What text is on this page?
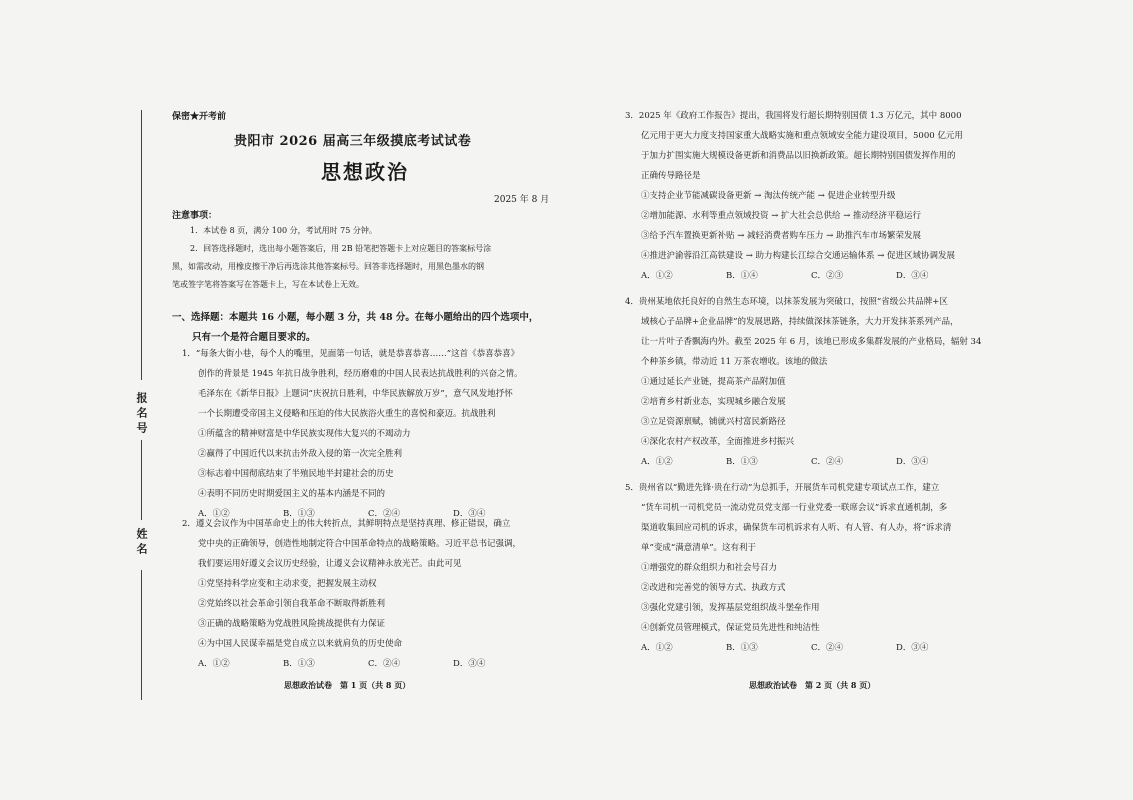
报名号
姓名
保密★开考前
贵阳市 2026 届高三年级摸底考试试卷
思想政治
2025 年 8 月
注意事项：
1．本试卷 8 页，满分 100 分，考试用时 75 分钟。
2．回答选择题时，选出每小题答案后，用 2B 铅笔把答题卡上对应题目的答案标号涂
黑，如需改动，用橡皮擦干净后再选涂其他答案标号。回答非选择题时，用黑色墨水的钢
笔或签字笔将答案写在答题卡上，写在本试卷上无效。
一、选择题：本题共 16 小题，每小题 3 分，共 48 分。在每小题给出的四个选项中，
只有一个是符合题目要求的。
1．“每条大街小巷，每个人的嘴里，见面第一句话，就是恭喜恭喜……”这首《恭喜恭喜》
创作的背景是 1945 年抗日战争胜利，经历磨难的中国人民表达抗战胜利的兴奋之情。
毛泽东在《新华日报》上题词“庆祝抗日胜利，中华民族解放万岁”，意气风发地抒怀
一个长期遭受帝国主义侵略和压迫的伟大民族浴火重生的喜悦和豪迈。抗战胜利
①所蕴含的精神财富是中华民族实现伟大复兴的不竭动力
②赢得了中国近代以来抗击外敌入侵的第一次完全胜利
③标志着中国彻底结束了半殖民地半封建社会的历史
④表明不同历史时期爱国主义的基本内涵是不同的
A．①②	B．①③	C．②④	D．③④
2．遵义会议作为中国革命史上的伟大转折点，其鲜明特点是坚持真理、修正错误，确立
党中央的正确领导，创造性地制定符合中国革命特点的战略策略。习近平总书记强调，
我们要运用好遵义会议历史经验，让遵义会议精神永放光芒。由此可见
①党坚持科学应变和主动求变，把握发展主动权
②党始终以社会革命引领自我革命不断取得新胜利
③正确的战略策略为党战胜风险挑战提供有力保证
④为中国人民谋幸福是党自成立以来就肩负的历史使命
A．①②	B．①③	C．②④	D．③④
思想政治试卷　第 1 页（共 8 页）
3．2025 年《政府工作报告》提出，我国将发行超长期特别国债 1.3 万亿元，其中 8000
亿元用于更大力度支持国家重大战略实施和重点领域安全能力建设项目，5000 亿元用
于加力扩围实施大规模设备更新和消费品以旧换新政策。超长期特别国债发挥作用的
正确传导路径是
①支持企业节能减碳设备更新 → 淘汰传统产能 → 促进企业转型升级
②增加能源、水利等重点领域投资 → 扩大社会总供给 → 推动经济平稳运行
③给予汽车置换更新补贴 → 减轻消费者购车压力 → 助推汽车市场繁荣发展
④推进沪渝蓉沿江高铁建设 → 助力构建长江综合交通运输体系 → 促进区域协调发展
A．①②	B．①④	C．②③	D．③④
4．贵州某地依托良好的自然生态环境，以抹茶发展为突破口，按照“省级公共品牌+区
域核心子品牌+企业品牌”的发展思路，持续做深抹茶链条，大力开发抹茶系列产品，
让一片叶子香飘海内外。截至 2025 年 6 月，该地已形成多集群发展的产业格局，辐射 34
个种茶乡镇，带动近 11 万茶农增收。该地的做法
①通过延长产业链，提高茶产品附加值
②培育乡村新业态，实现城乡融合发展
③立足资源禀赋，铺就兴村富民新路径
④深化农村产权改革，全面推进乡村振兴
A．①②	B．①③	C．②④	D．③④
5．贵州省以“勤进先锋·贵在行动”为总抓手，开展货车司机党建专项试点工作，建立
“货车司机一司机党员一流动党员党支部一行业党委一联席会议”诉求直通机制，多
渠道收集回应司机的诉求，确保货车司机诉求有人听、有人管、有人办，将“诉求清
单”变成“满意清单”。这有利于
①增强党的群众组织力和社会号召力
②改进和完善党的领导方式、执政方式
③强化党建引领，发挥基层党组织战斗堡垒作用
④创新党员管理模式，保证党员先进性和纯洁性
A．①②	B．①③	C．②④	D．③④
思想政治试卷　第 2 页（共 8 页）
